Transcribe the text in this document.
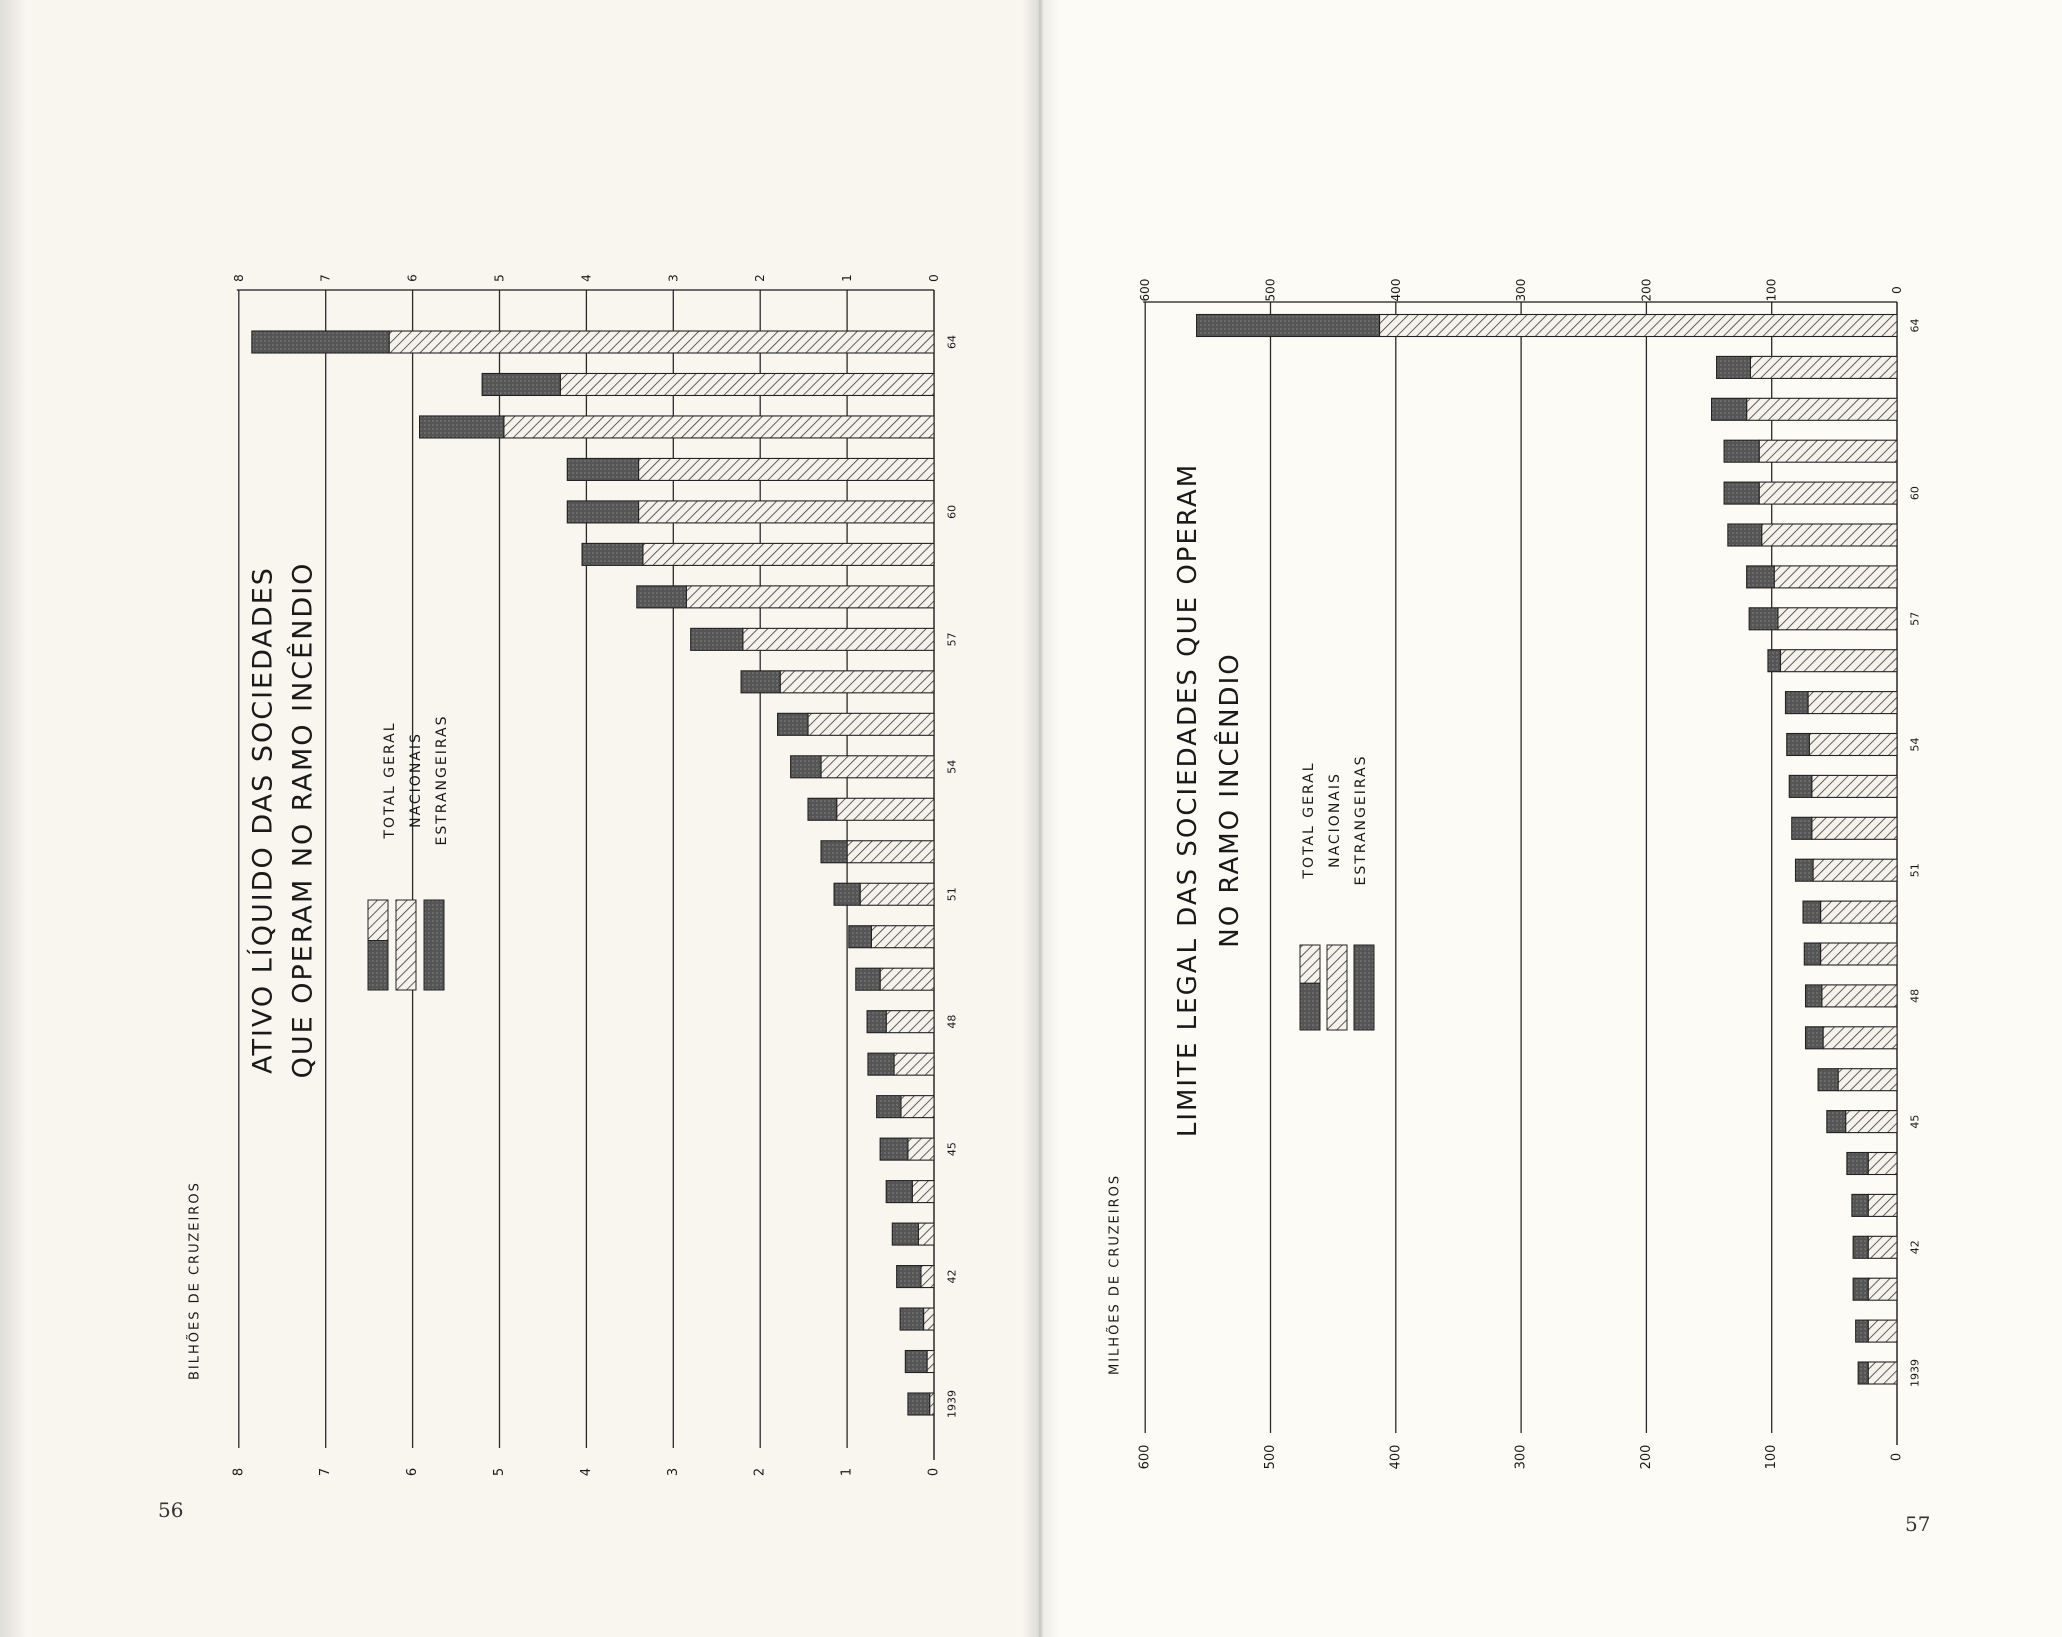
0
0
1
1
2
2
3
3
4
4
5
5
6
6
7
7
8
8
1939
42
45
48
51
54
57
60
64
ATIVO LÍQUIDO DAS SOCIEDADES QUE OPERAM NO RAMO INCÊNDIO	TOTAL GERAL NACIONAIS ESTRANGEIRAS
BILHÕES DE CRUZEIROS
0
0
100
100
200
200
300
300
400
400
500
500
600
600
1939
42
45
48
51
54
57
60
64
LIMITE LEGAL DAS SOCIEDADES QUE OPERAM NO RAMO INCÊNDIO	TOTAL GERAL NACIONAIS ESTRANGEIRAS
MILHÕES DE CRUZEIROS
56
57
